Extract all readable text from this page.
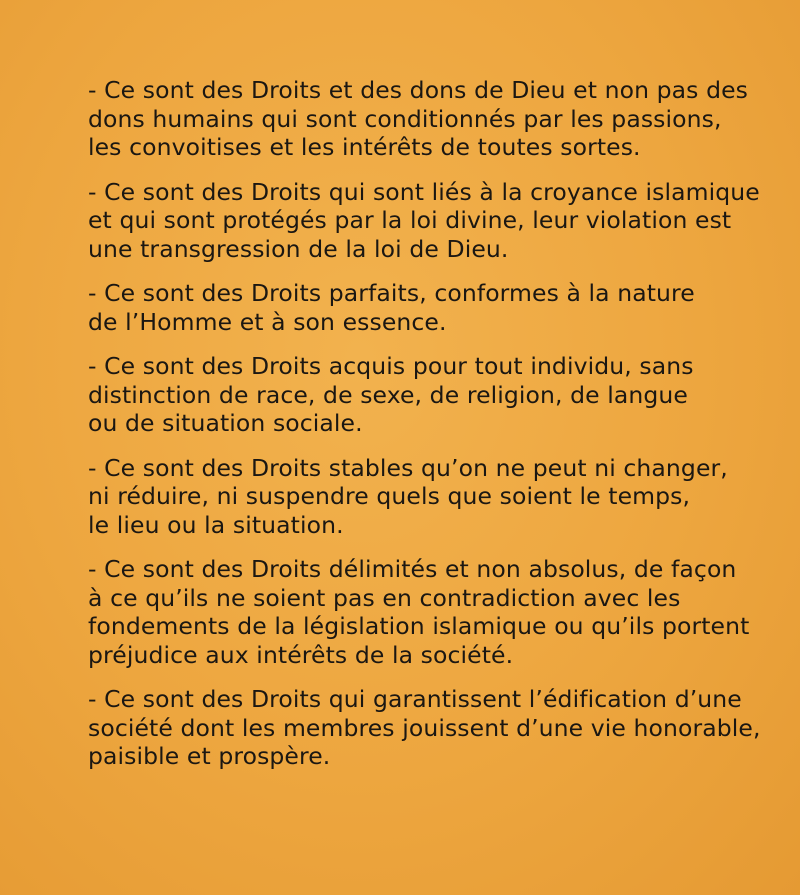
- Ce sont des Droits et des dons de Dieu et non pas des
dons humains qui sont conditionnés par les passions,
les convoitises et les intérêts de toutes sortes.
- Ce sont des Droits qui sont liés à la croyance islamique
et qui sont protégés par la loi divine, leur violation est
une transgression de la loi de Dieu.
- Ce sont des Droits parfaits, conformes à la nature
de l’Homme et à son essence.
- Ce sont des Droits acquis pour tout individu, sans
distinction de race, de sexe, de religion, de langue
ou de situation sociale.
- Ce sont des Droits stables qu’on ne peut ni changer,
ni réduire, ni suspendre quels que soient le temps,
le lieu ou la situation.
- Ce sont des Droits délimités et non absolus, de façon
à ce qu’ils ne soient pas en contradiction avec les
fondements de la législation islamique ou qu’ils portent
préjudice aux intérêts de la société.
- Ce sont des Droits qui garantissent l’édification d’une
société dont les membres jouissent d’une vie honorable,
paisible et prospère.
